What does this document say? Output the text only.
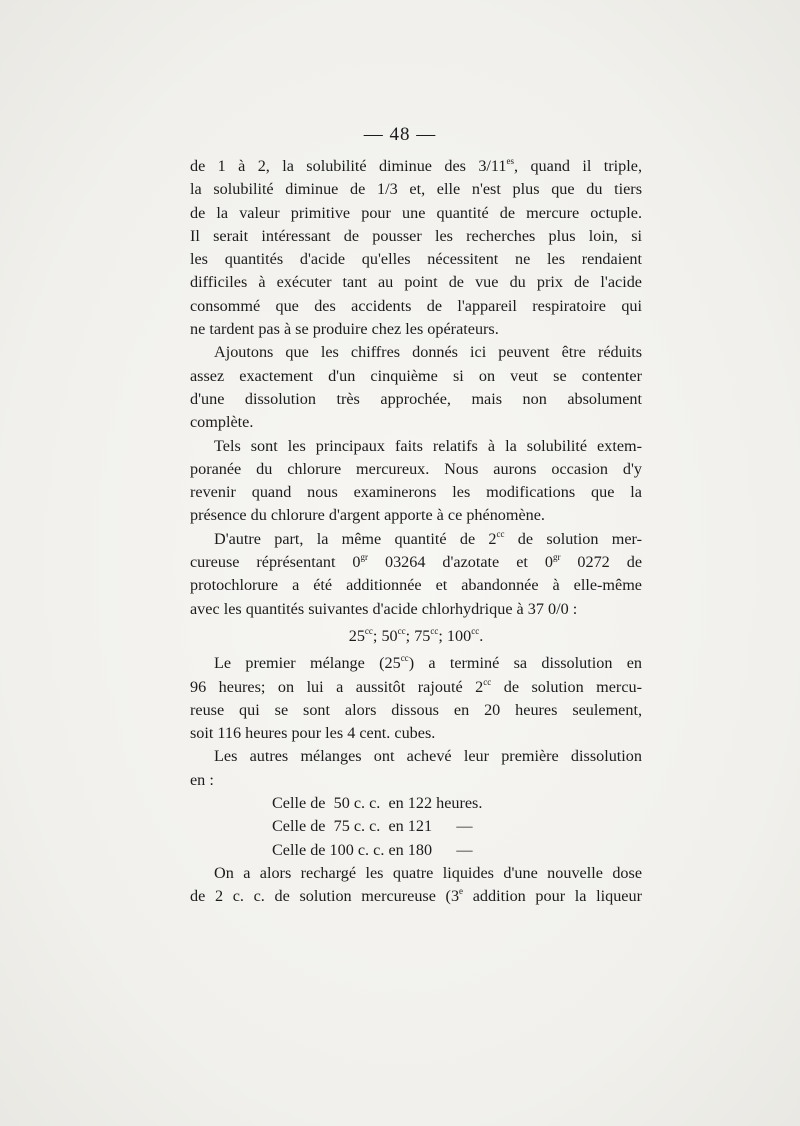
— 48 —
de 1 à 2, la solubilité diminue des $3/11^{es}$, quand il triple,
la solubilité diminue de 1/3 et, elle n'est plus que du tiers
de la valeur primitive pour une quantité de mercure octuple.
Il serait intéressant de pousser les recherches plus loin, si
les quantités d'acide qu'elles nécessitent ne les rendaient
difficiles à exécuter tant au point de vue du prix de l'acide
consommé que des accidents de l'appareil respiratoire qui
ne tardent pas à se produire chez les opérateurs.
Ajoutons que les chiffres donnés ici peuvent être réduits
assez exactement d'un cinquième si on veut se contenter
d'une dissolution très approchée, mais non absolument
complète.
Tels sont les principaux faits relatifs à la solubilité extem-
poranée du chlorure mercureux. Nous aurons occasion d'y
revenir quand nous examinerons les modifications que la
présence du chlorure d'argent apporte à ce phénomène.
D'autre part, la même quantité de $2^{cc}$ de solution mer-
cureuse réprésentant $0^{gr}$ 03264 d'azotate et $0^{gr}$ 0272 de
protochlorure a été additionnée et abandonnée à elle-même
avec les quantités suivantes d'acide chlorhydrique à 37 0/0 :
$25^{cc}$; $50^{cc}$; $75^{cc}$; $100^{cc}$.
Le premier mélange $(25^{cc})$ a terminé sa dissolution en
96 heures; on lui a aussitôt rajouté $2^{cc}$ de solution mercu-
reuse qui se sont alors dissous en 20 heures seulement,
soit 116 heures pour les 4 cent. cubes.
Les autres mélanges ont achevé leur première dissolution
en :
Celle de 50 c. c. en 122 heures.
Celle de 75 c. c. en 121 —
Celle de 100 c. c. en 180 —
On a alors rechargé les quatre liquides d'une nouvelle dose
de 2 c. c. de solution mercureuse (3e addition pour la liqueur
